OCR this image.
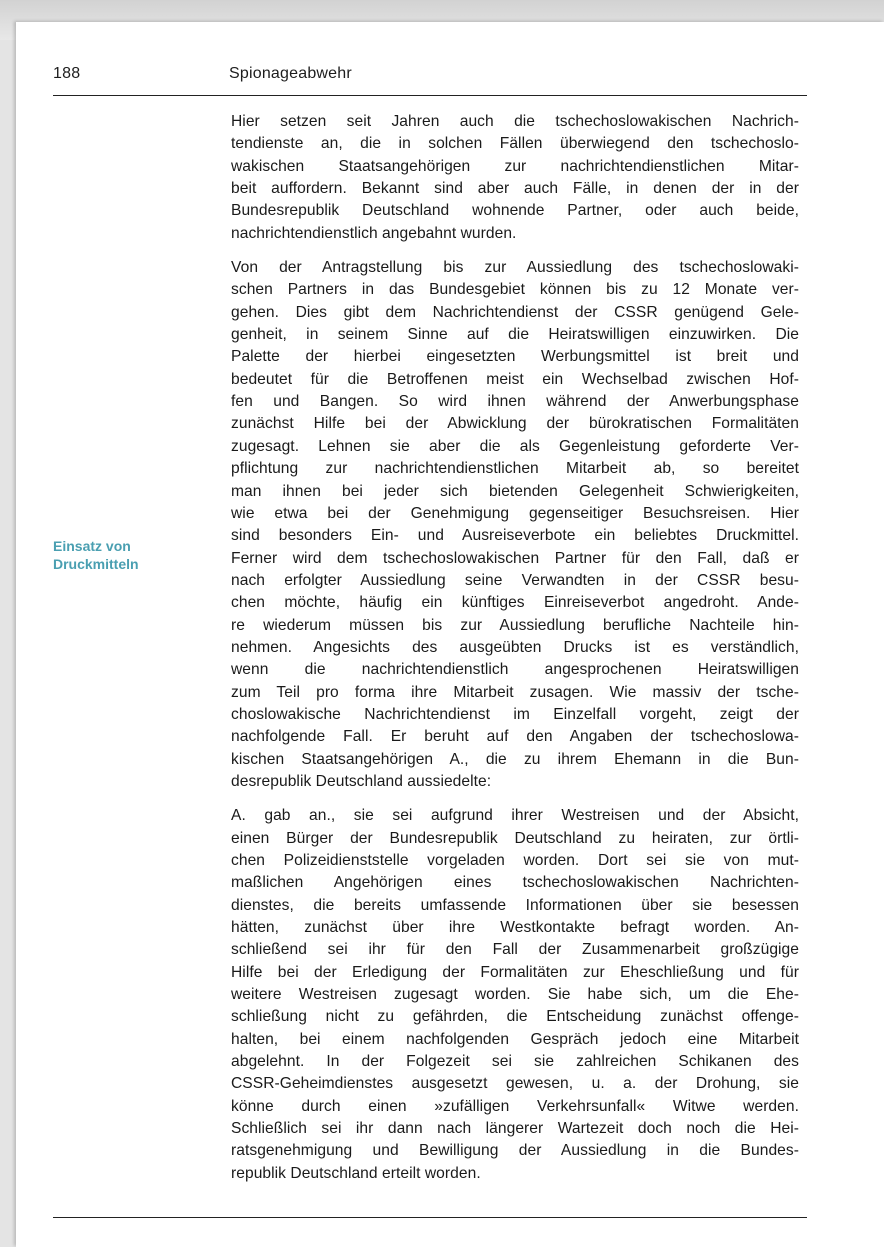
188	Spionageabwehr
Einsatz von
Druckmitteln

Hier setzen seit Jahren auch die tschechoslowakischen Nachrich-
tendienste an, die in solchen Fällen überwiegend den tschechoslo-
wakischen Staatsangehörigen zur nachrichtendienstlichen Mitar-
beit auffordern. Bekannt sind aber auch Fälle, in denen der in der
Bundesrepublik Deutschland wohnende Partner, oder auch beide,
nachrichtendienstlich angebahnt wurden.

Von der Antragstellung bis zur Aussiedlung des tschechoslowaki-
schen Partners in das Bundesgebiet können bis zu 12 Monate ver-
gehen. Dies gibt dem Nachrichtendienst der CSSR genügend Gele-
genheit, in seinem Sinne auf die Heiratswilligen einzuwirken. Die
Palette der hierbei eingesetzten Werbungsmittel ist breit und
bedeutet für die Betroffenen meist ein Wechselbad zwischen Hof-
fen und Bangen. So wird ihnen während der Anwerbungsphase
zunächst Hilfe bei der Abwicklung der bürokratischen Formalitäten
zugesagt. Lehnen sie aber die als Gegenleistung geforderte Ver-
pflichtung zur nachrichtendienstlichen Mitarbeit ab, so bereitet
man ihnen bei jeder sich bietenden Gelegenheit Schwierigkeiten,
wie etwa bei der Genehmigung gegenseitiger Besuchsreisen. Hier
sind besonders Ein- und Ausreiseverbote ein beliebtes Druckmittel.
Ferner wird dem tschechoslowakischen Partner für den Fall, daß er
nach erfolgter Aussiedlung seine Verwandten in der CSSR besu-
chen möchte, häufig ein künftiges Einreiseverbot angedroht. Ande-
re wiederum müssen bis zur Aussiedlung berufliche Nachteile hin-
nehmen. Angesichts des ausgeübten Drucks ist es verständlich,
wenn die nachrichtendienstlich angesprochenen Heiratswilligen
zum Teil pro forma ihre Mitarbeit zusagen. Wie massiv der tsche-
choslowakische Nachrichtendienst im Einzelfall vorgeht, zeigt der
nachfolgende Fall. Er beruht auf den Angaben der tschechoslowa-
kischen Staatsangehörigen A., die zu ihrem Ehemann in die Bun-
desrepublik Deutschland aussiedelte:

A. gab an., sie sei aufgrund ihrer Westreisen und der Absicht,
einen Bürger der Bundesrepublik Deutschland zu heiraten, zur örtli-
chen Polizeidienststelle vorgeladen worden. Dort sei sie von mut-
maßlichen Angehörigen eines tschechoslowakischen Nachrichten-
dienstes, die bereits umfassende Informationen über sie besessen
hätten, zunächst über ihre Westkontakte befragt worden. An-
schließend sei ihr für den Fall der Zusammenarbeit großzügige
Hilfe bei der Erledigung der Formalitäten zur Eheschließung und für
weitere Westreisen zugesagt worden. Sie habe sich, um die Ehe-
schließung nicht zu gefährden, die Entscheidung zunächst offenge-
halten, bei einem nachfolgenden Gespräch jedoch eine Mitarbeit
abgelehnt. In der Folgezeit sei sie zahlreichen Schikanen des
CSSR-Geheimdienstes ausgesetzt gewesen, u. a. der Drohung, sie
könne durch einen »zufälligen Verkehrsunfall« Witwe werden.
Schließlich sei ihr dann nach längerer Wartezeit doch noch die Hei-
ratsgenehmigung und Bewilligung der Aussiedlung in die Bundes-
republik Deutschland erteilt worden.
